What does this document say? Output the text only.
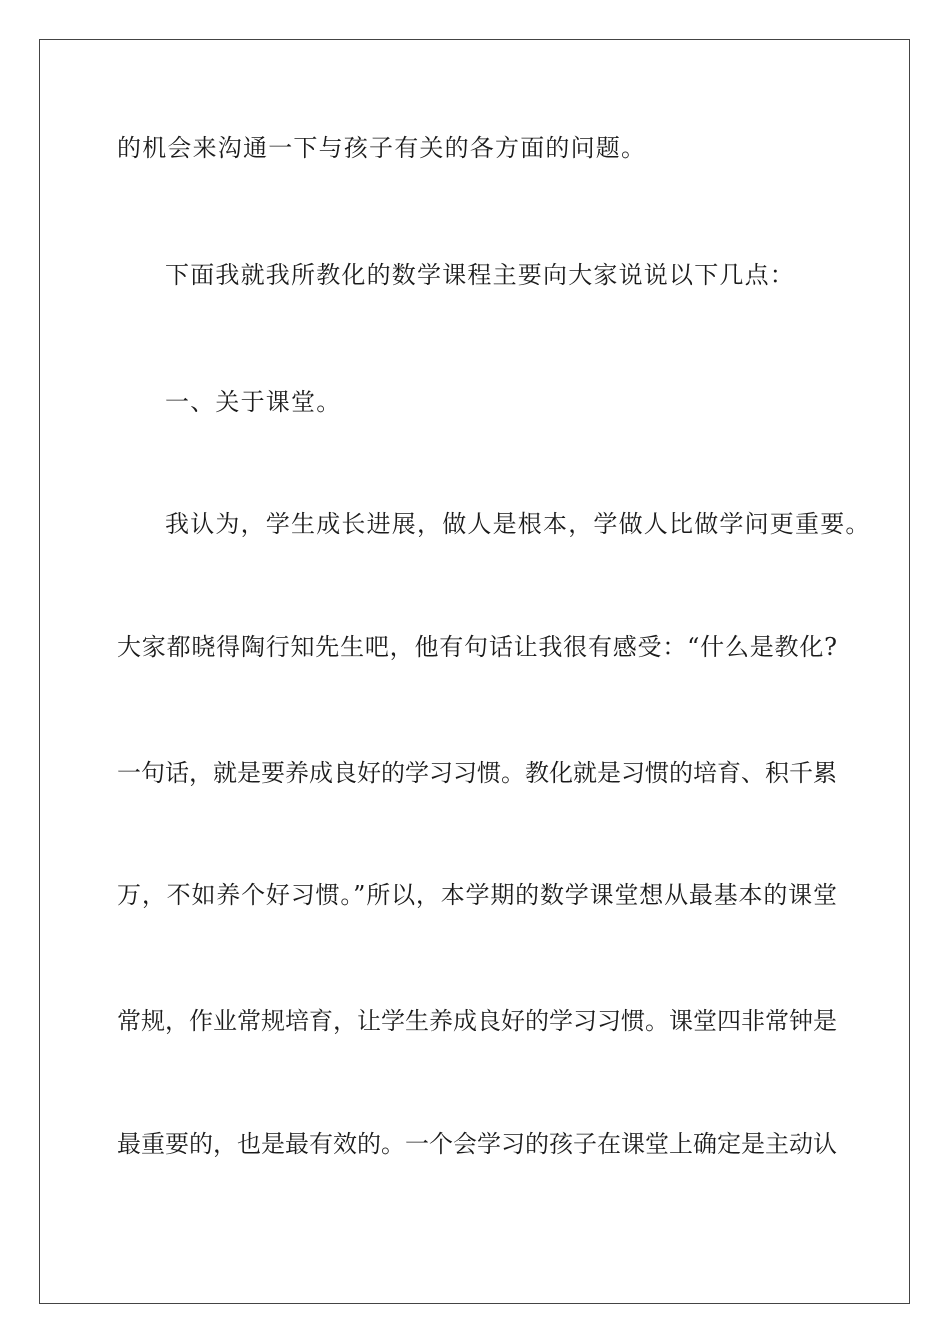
的机会来沟通一下与孩子有关的各方面的问题。
下面我就我所教化的数学课程主要向大家说说以下几点：
一、关于课堂。
我认为，学生成长进展，做人是根本，学做人比做学问更重要。
大家都晓得陶行知先生吧，他有句话让我很有感受：“什么是教化?
一句话，就是要养成良好的学习习惯。教化就是习惯的培育、积千累
万，不如养个好习惯。”所以，本学期的数学课堂想从最基本的课堂
常规，作业常规培育，让学生养成良好的学习习惯。课堂四非常钟是
最重要的，也是最有效的。一个会学习的孩子在课堂上确定是主动认
